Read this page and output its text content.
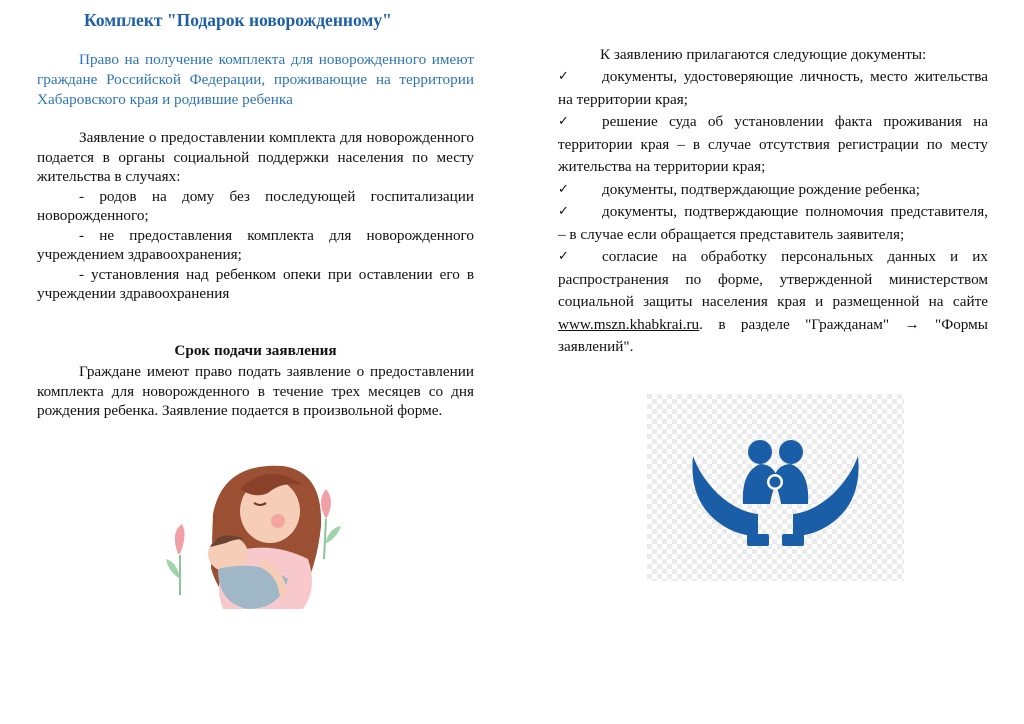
Комплект "Подарок новорожденному"

Право на получение комплекта для новорожденного имеют граждане Российской Федерации, проживающие на территории Хабаровского края и родившие ребенка

Заявление о предоставлении комплекта для новорожденного подается в органы социальной поддержки населения по месту жительства в случаях:

- родов на дому без последующей госпитализации новорожденного;

- не предоставления комплекта для новорожденного учреждением здравоохранения;

- установления над ребенком опеки при оставлении его в учреждении здравоохранения

Срок подачи заявления

Граждане имеют право подать заявление о предоставлении комплекта для новорожденного в течение трех месяцев со дня рождения ребенка. Заявление подается в произвольной форме.

К заявлению прилагаются следующие документы:
✓ документы, удостоверяющие личность, место жительства на территории края;
✓ решение суда об установлении факта проживания на территории края – в случае отсутствия регистрации по месту жительства на территории края;
✓ документы, подтверждающие рождение ребенка;
✓ документы, подтверждающие полномочия представителя, – в случае если обращается представитель заявителя;
✓ согласие на обработку персональных данных и их распространения по форме, утвержденной министерством социальной защиты населения края и размещенной на сайте www.mszn.khabkrai.ru. в разделе "Гражданам" → "Формы заявлений".
